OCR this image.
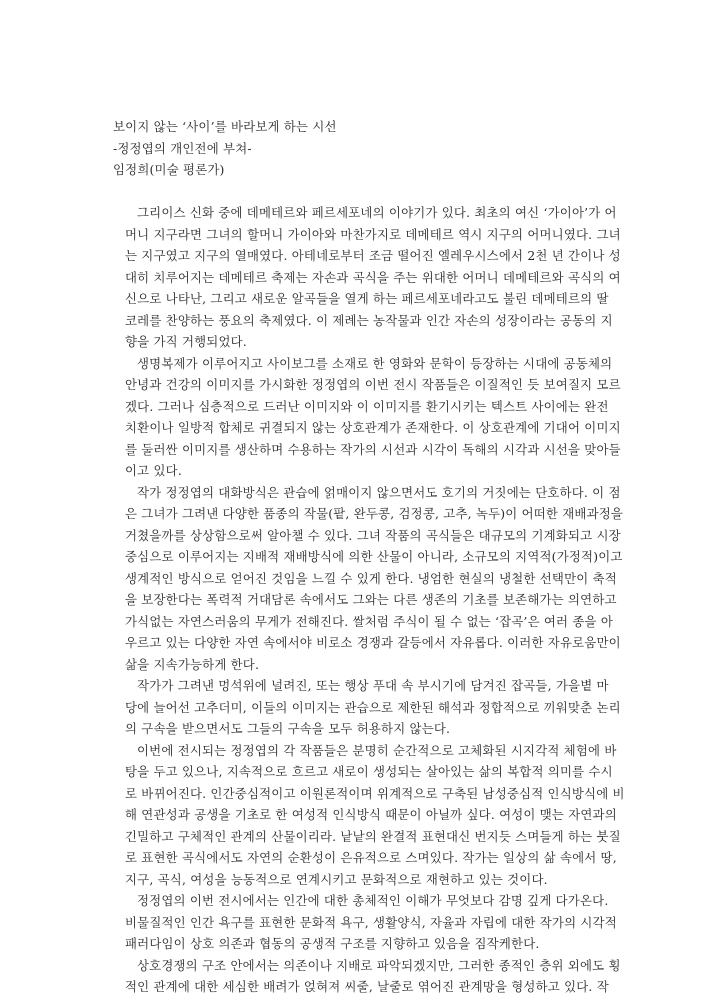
보이지 않는 ‘사이’를 바라보게 하는 시선

-정정엽의 개인전에 부쳐-

임정희(미술 평론가)

그리이스 신화 중에 데메테르와 페르세포네의 이야기가 있다. 최초의 여신 ‘가이아’가 어
머니 지구라면 그녀의 할머니 가이아와 마찬가지로 데메테르 역시 지구의 어머니였다. 그녀
는 지구였고 지구의 열매였다. 아테네로부터 조금 떨어진 엘레우시스에서 2천 년 간이나 성
대히 치루어지는 데메테르 축제는 자손과 곡식을 주는 위대한 어머니 데메테르와 곡식의 여
신으로 나타난, 그리고 새로운 알곡들을 열게 하는 페르세포네라고도 불린 데메테르의 딸
코레를 찬양하는 풍요의 축제였다. 이 제례는 농작물과 인간 자손의 성장이라는 공동의 지
향을 가직 거행되었다.
생명복제가 이루어지고 사이보그를 소재로 한 영화와 문학이 등장하는 시대에 공동체의
안녕과 건강의 이미지를 가시화한 정정엽의 이번 전시 작품들은 이질적인 듯 보여질지 모르
겠다. 그러나 심층적으로 드러난 이미지와 이 이미지를 환기시키는 텍스트 사이에는 완전
치환이나 일방적 합체로 귀결되지 않는 상호관계가 존재한다. 이 상호관계에 기대어 이미지
를 둘러싼 이미지를 생산하며 수용하는 작가의 시선과 시각이 독해의 시각과 시선을 맞아들
이고 있다.
작가 정정엽의 대화방식은 관습에 얽매이지 않으면서도 호기의 거짓에는 단호하다. 이 점
은 그녀가 그려낸 다양한 품종의 작물(팥, 완두콩, 검정콩, 고추, 녹두)이 어떠한 재배과정을
거쳤을까를 상상함으로써 알아챌 수 있다. 그녀 작품의 곡식들은 대규모의 기계화되고 시장
중심으로 이루어지는 지배적 재배방식에 의한 산물이 아니라, 소규모의 지역적(가정적)이고
생계적인 방식으로 얻어진 것임을 느낄 수 있게 한다. 냉엄한 현실의 냉철한 선택만이 축적
을 보장한다는 폭력적 거대담론 속에서도 그와는 다른 생존의 기초를 보존해가는 의연하고
가식없는 자연스러움의 무게가 전해진다. 쌀처럼 주식이 될 수 없는 ‘잡곡’은 여러 종을 아
우르고 있는 다양한 자연 속에서야 비로소 경쟁과 갈등에서 자유롭다. 이러한 자유로움만이
삶을 지속가능하게 한다.
작가가 그려낸 멍석위에 널려진, 또는 행상 푸대 속 부시기에 담겨진 잡곡들, 가을볕 마
당에 늘어선 고추더미, 이들의 이미지는 관습으로 제한된 해석과 정합적으로 끼워맞춘 논리
의 구속을 받으면서도 그들의 구속을 모두 허용하지 않는다.
이번에 전시되는 정정엽의 각 작품들은 분명히 순간적으로 고체화된 시지각적 체험에 바
탕을 두고 있으나, 지속적으로 흐르고 새로이 생성되는 살아있는 삶의 복합적 의미를 수시
로 바뀌어진다. 인간중심적이고 이원론적이며 위계적으로 구축된 남성중심적 인식방식에 비
해 연관성과 공생을 기초로 한 여성적 인식방식 때문이 아닐까 싶다. 여성이 맺는 자연과의
긴밀하고 구체적인 관계의 산물이리라. 낱낱의 완결적 표현대신 번지듯 스며들게 하는 붓질
로 표현한 곡식에서도 자연의 순환성이 은유적으로 스며있다. 작가는 일상의 삶 속에서 땅,
지구, 곡식, 여성을 능동적으로 연계시키고 문화적으로 재현하고 있는 것이다.
정정엽의 이번 전시에서는 인간에 대한 총체적인 이해가 무엇보다 감명 깊게 다가온다.
비물질적인 인간 욕구를 표현한 문화적 욕구, 생활양식, 자율과 자립에 대한 작가의 시각적
패러다임이 상호 의존과 협동의 공생적 구조를 지향하고 있음을 짐작케한다.
상호경쟁의 구조 안에서는 의존이나 지배로 파악되겠지만, 그러한 종적인 층위 외에도 횡
적인 관계에 대한 세심한 배려가 얹혀져 씨줄, 날줄로 엮어진 관계망을 형성하고 있다. 작
